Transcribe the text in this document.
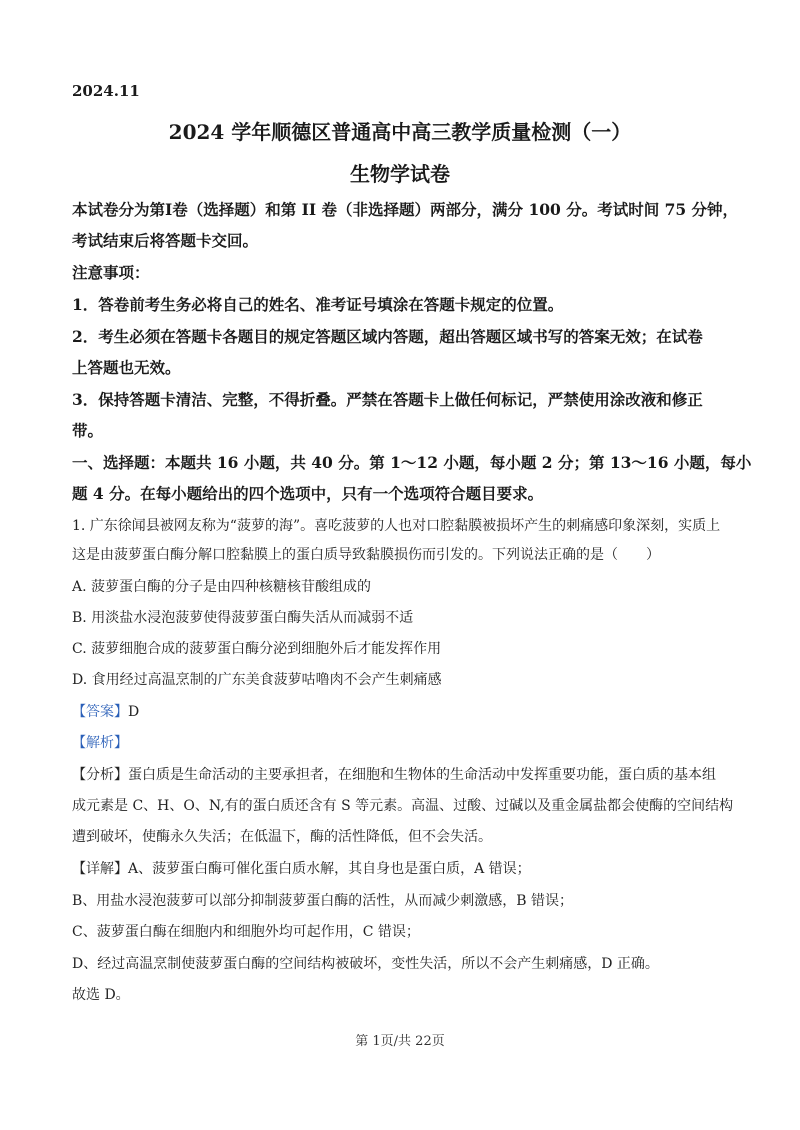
2024.11
2024 学年顺德区普通高中高三教学质量检测（一）
生物学试卷
本试卷分为第Ⅰ卷（选择题）和第 II 卷（非选择题）两部分，满分 100 分。考试时间 75 分钟，
考试结束后将答题卡交回。
注意事项：
1．答卷前考生务必将自己的姓名、准考证号填涂在答题卡规定的位置。
2．考生必须在答题卡各题目的规定答题区域内答题，超出答题区域书写的答案无效；在试卷
上答题也无效。
3．保持答题卡清洁、完整，不得折叠。严禁在答题卡上做任何标记，严禁使用涂改液和修正
带。
一、选择题：本题共 16 小题，共 40 分。第 1～12 小题，每小题 2 分；第 13～16 小题，每小
题 4 分。在每小题给出的四个选项中，只有一个选项符合题目要求。
1. 广东徐闻县被网友称为“菠萝的海”。喜吃菠萝的人也对口腔黏膜被损坏产生的刺痛感印象深刻，实质上
这是由菠萝蛋白酶分解口腔黏膜上的蛋白质导致黏膜损伤而引发的。下列说法正确的是（　　）
A. 菠萝蛋白酶的分子是由四种核糖核苷酸组成的
B. 用淡盐水浸泡菠萝使得菠萝蛋白酶失活从而减弱不适
C. 菠萝细胞合成的菠萝蛋白酶分泌到细胞外后才能发挥作用
D. 食用经过高温烹制的广东美食菠萝咕噜肉不会产生刺痛感
【答案】D
【解析】
【分析】蛋白质是生命活动的主要承担者，在细胞和生物体的生命活动中发挥重要功能，蛋白质的基本组
成元素是 C、H、O、N,有的蛋白质还含有 S 等元素。高温、过酸、过碱以及重金属盐都会使酶的空间结构
遭到破坏，使酶永久失活；在低温下，酶的活性降低，但不会失活。
【详解】A、菠萝蛋白酶可催化蛋白质水解，其自身也是蛋白质，A 错误；
B、用盐水浸泡菠萝可以部分抑制菠萝蛋白酶的活性，从而减少刺激感，B 错误；
C、菠萝蛋白酶在细胞内和细胞外均可起作用，C 错误；
D、经过高温烹制使菠萝蛋白酶的空间结构被破坏，变性失活，所以不会产生刺痛感，D 正确。
故选 D。
第 1页/共 22页
